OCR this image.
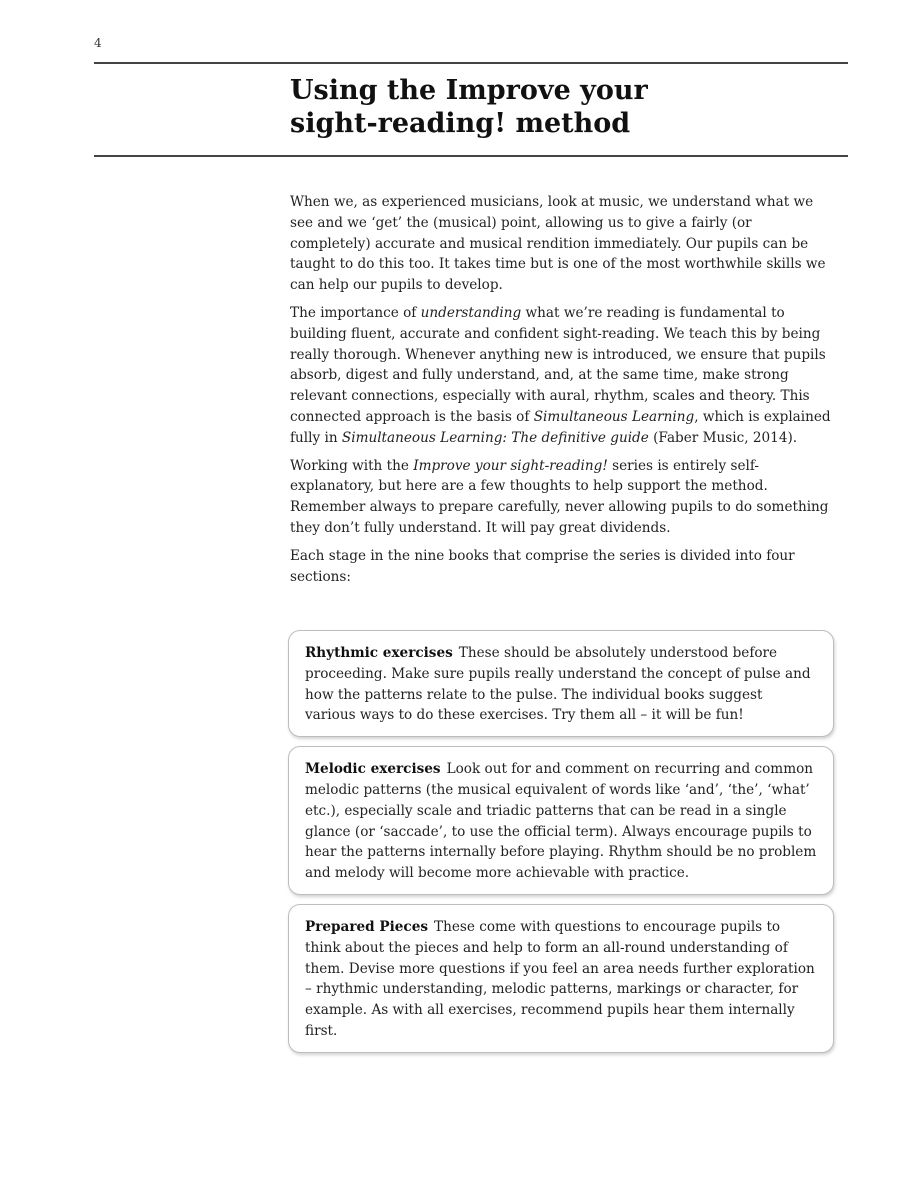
4
Using the Improve your
sight-reading! method

When we, as experienced musicians, look at music, we understand what we see and we ‘get’ the (musical) point, allowing us to give a fairly (or completely) accurate and musical rendition immediately. Our pupils can be taught to do this too. It takes time but is one of the most worthwhile skills we can help our pupils to develop.

The importance of understanding what we’re reading is fundamental to building fluent, accurate and confident sight-reading. We teach this by being really thorough. Whenever anything new is introduced, we ensure that pupils absorb, digest and fully understand, and, at the same time, make strong relevant connections, especially with aural, rhythm, scales and theory. This connected approach is the basis of Simultaneous Learning, which is explained fully in Simultaneous Learning: The definitive guide (Faber Music, 2014).

Working with the Improve your sight-reading! series is entirely self-explanatory, but here are a few thoughts to help support the method. Remember always to prepare carefully, never allowing pupils to do something they don’t fully understand. It will pay great dividends.

Each stage in the nine books that comprise the series is divided into four sections:

Rhythmic exercises These should be absolutely understood before proceeding. Make sure pupils really understand the concept of pulse and how the patterns relate to the pulse. The individual books suggest various ways to do these exercises. Try them all – it will be fun!
Melodic exercises Look out for and comment on recurring and common melodic patterns (the musical equivalent of words like ‘and’, ‘the’, ‘what’ etc.), especially scale and triadic patterns that can be read in a single glance (or ‘saccade’, to use the official term). Always encourage pupils to hear the patterns internally before playing. Rhythm should be no problem and melody will become more achievable with practice.
Prepared Pieces These come with questions to encourage pupils to think about the pieces and help to form an all-round understanding of them. Devise more questions if you feel an area needs further exploration – rhythmic understanding, melodic patterns, markings or character, for example. As with all exercises, recommend pupils hear them internally first.
